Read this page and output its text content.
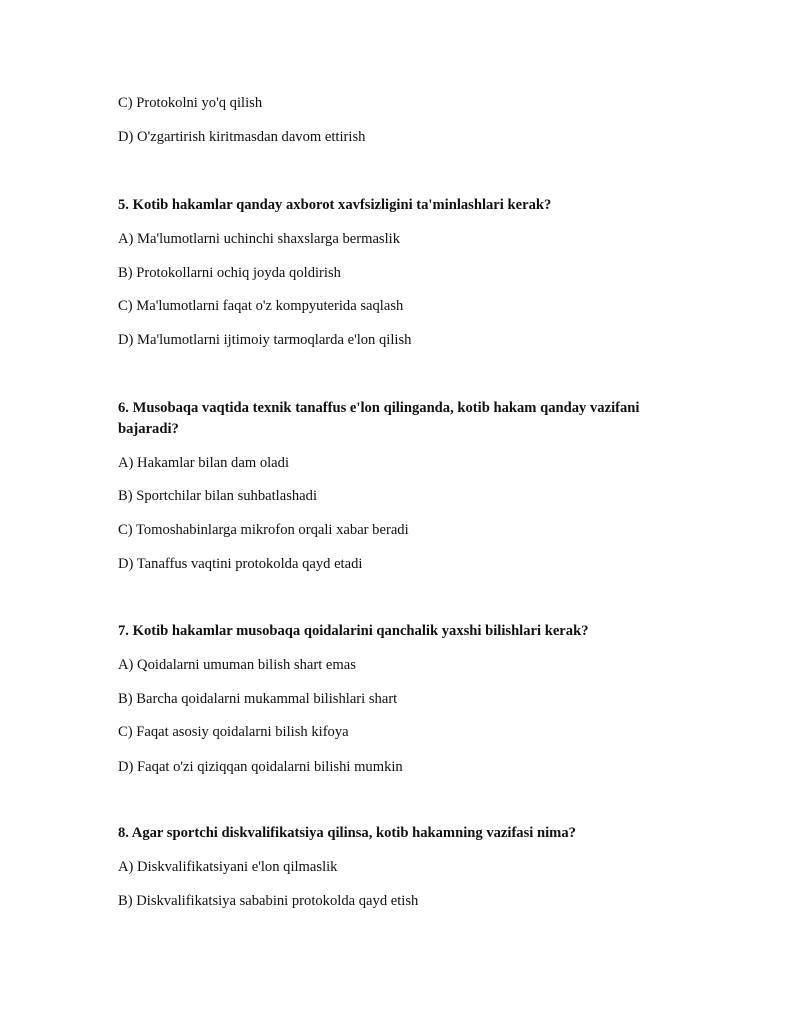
C) Protokolni yo'q qilish
D) O'zgartirish kiritmasdan davom ettirish
5. Kotib hakamlar qanday axborot xavfsizligini ta'minlashlari kerak?
A) Ma'lumotlarni uchinchi shaxslarga bermaslik
B) Protokollarni ochiq joyda qoldirish
C) Ma'lumotlarni faqat o'z kompyuterida saqlash
D) Ma'lumotlarni ijtimoiy tarmoqlarda e'lon qilish
6. Musobaqa vaqtida texnik tanaffus e'lon qilinganda, kotib hakam qanday vazifani bajaradi?
A) Hakamlar bilan dam oladi
B) Sportchilar bilan suhbatlashadi
C) Tomoshabinlarga mikrofon orqali xabar beradi
D) Tanaffus vaqtini protokolda qayd etadi
7. Kotib hakamlar musobaqa qoidalarini qanchalik yaxshi bilishlari kerak?
A) Qoidalarni umuman bilish shart emas
B) Barcha qoidalarni mukammal bilishlari shart
C) Faqat asosiy qoidalarni bilish kifoya
D) Faqat o'zi qiziqqan qoidalarni bilishi mumkin
8. Agar sportchi diskvalifikatsiya qilinsa, kotib hakamning vazifasi nima?
A) Diskvalifikatsiyani e'lon qilmaslik
B) Diskvalifikatsiya sababini protokolda qayd etish
